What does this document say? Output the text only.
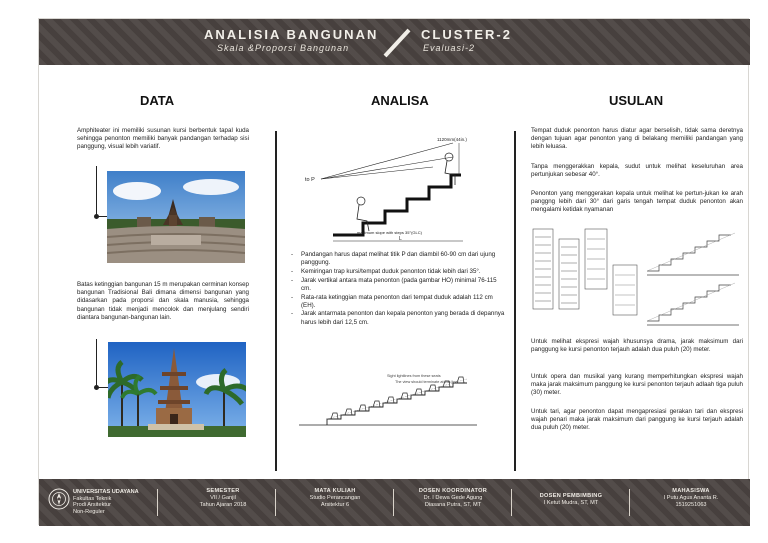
ANALISIA BANGUNAN
Skala &Proporsi Bangunan
CLUSTER-2
Evaluasi-2
DATA	ANALISA	USULAN
Amphiteater ini memiliki susunan kursi berbentuk tapal kuda sehingga penonton memiliki banyak pandangan terhadap sisi panggung, visual lebih variatif.
Batas ketinggian bangunan 15 m merupakan cerminan konsep bangunan Tradisional Bali dimana dimensi bangunan yang didasarkan pada proporsi dan skala manusia, sehingga bangunan tidak menjadi mencolok dan menjulang sendiri diantara bangunan-bangunan lain.
to P
1120mm(44in.)
L
maximum slope with steps 35°(GLC)
- Pandangan harus dapat melihat titik P dan diambil 60-90 cm dari ujung panggung.
- Kemiringan trap kursi/tempat duduk penonton tidak lebih dari 35°.
- Jarak vertikal antara mata penonton (pada gambar HO) minimal 76-115 cm.
- Rata-rata ketinggian mata penonton dari tempat duduk adalah 112 cm (EH).
- Jarak antarmata penonton dan kepala penonton yang berada di depannya harus lebih dari 12,5 cm.
Sight lightlines from these seats
The view should terminate at this line
Tempat duduk penonton harus diatur agar berselisih, tidak sama deretnya dengan tujuan agar penonton yang di belakang memiliki pandangan yang lebih leluasa.
Tanpa menggerakkan kepala, sudut untuk melihat keseluruhan area pertunjukan sebesar 40°.
Penonton yang menggerakan kepala untuk melihat ke pertun-jukan ke arah panggng lebih dari 30° dari garis tengah tempat duduk penonton akan mengalami ketidak nyamanan
Untuk melihat ekspresi wajah khusunsya drama, jarak maksimum dari panggung ke kursi penonton terjauh adalah dua puluh (20) meter.
Untuk opera dan musikal yang kurang memperhitungkan ekspresi wajah maka jarak maksimum panggung ke kursi penonton terjauh adlaah tiga puluh (30) meter.
Untuk tari, agar penonton dapat mengapresiasi gerakan tari dan ekspresi wajah penari maka jarak maksimum dari panggung ke kursi terjauh adalah dua puluh (20) meter.
UNIVERSITAS UDAYANA
Fakultas Teknik
Prodi Arsitektur
Non-Reguler
SEMESTER
VII / Ganjil
Tahun Ajaran 2018
MATA KULIAH
Studio Perancangan
Arsitektur 6
DOSEN KOORDINATOR
Dr. I Dewa Gede Agung
Diasana Putra, ST, MT
DOSEN PEMBIMBING
I Ketut Mudra, ST, MT
MAHASISWA
I Putu Agus Ananta R.
1519251063
